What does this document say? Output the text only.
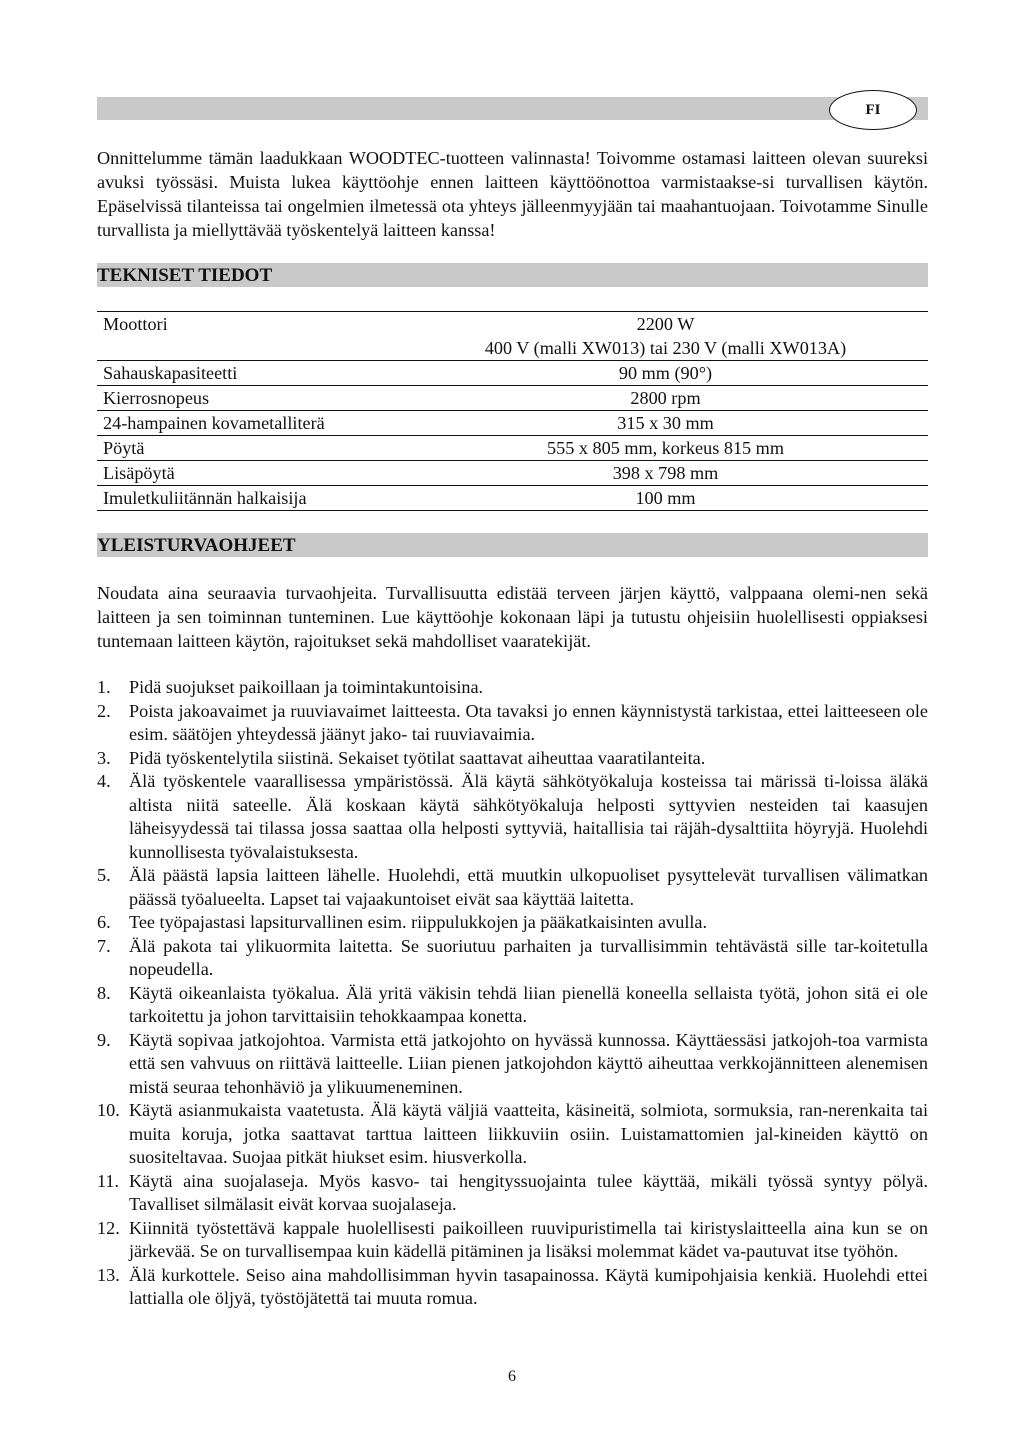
FI

Onnittelumme tämän laadukkaan WOODTEC-tuotteen valinnasta! Toivomme ostamasi laitteen olevan suureksi avuksi työssäsi. Muista lukea käyttöohje ennen laitteen käyttöönottoa varmistaakse-si turvallisen käytön. Epäselvissä tilanteissa tai ongelmien ilmetessä ota yhteys jälleenmyyjään tai maahantuojaan. Toivotamme Sinulle turvallista ja miellyttävää työskentelyä laitteen kanssa!

TEKNISET TIEDOT
Moottori	2200 W
400 V (malli XW013) tai 230 V (malli XW013A)
Sahauskapasiteetti	90 mm (90°)
Kierrosnopeus	2800 rpm
24-hampainen kovametalliterä	315 x 30 mm
Pöytä	555 x 805 mm, korkeus 815 mm
Lisäpöytä	398 x 798 mm
Imuletkuliitännän halkaisija	100 mm
YLEISTURVAOHJEET

Noudata aina seuraavia turvaohjeita. Turvallisuutta edistää terveen järjen käyttö, valppaana olemi-nen sekä laitteen ja sen toiminnan tunteminen. Lue käyttöohje kokonaan läpi ja tutustu ohjeisiin huolellisesti oppiaksesi tuntemaan laitteen käytön, rajoitukset sekä mahdolliset vaaratekijät.

1.	Pidä suojukset paikoillaan ja toimintakuntoisina.
2.	Poista jakoavaimet ja ruuviavaimet laitteesta. Ota tavaksi jo ennen käynnistystä tarkistaa, ettei laitteeseen ole esim. säätöjen yhteydessä jäänyt jako- tai ruuviavaimia.
3.	Pidä työskentelytila siistinä. Sekaiset työtilat saattavat aiheuttaa vaaratilanteita.
4.	Älä työskentele vaarallisessa ympäristössä. Älä käytä sähkötyökaluja kosteissa tai märissä ti-loissa äläkä altista niitä sateelle. Älä koskaan käytä sähkötyökaluja helposti syttyvien nesteiden tai kaasujen läheisyydessä tai tilassa jossa saattaa olla helposti syttyviä, haitallisia tai räjäh-dysalttiita höyryjä. Huolehdi kunnollisesta työvalaistuksesta.
5.	Älä päästä lapsia laitteen lähelle. Huolehdi, että muutkin ulkopuoliset pysyttelevät turvallisen välimatkan päässä työalueelta. Lapset tai vajaakuntoiset eivät saa käyttää laitetta.
6.	Tee työpajastasi lapsiturvallinen esim. riippulukkojen ja pääkatkaisinten avulla.
7.	Älä pakota tai ylikuormita laitetta. Se suoriutuu parhaiten ja turvallisimmin tehtävästä sille tar-koitetulla nopeudella.
8.	Käytä oikeanlaista työkalua. Älä yritä väkisin tehdä liian pienellä koneella sellaista työtä, johon sitä ei ole tarkoitettu ja johon tarvittaisiin tehokkaampaa konetta.
9.	Käytä sopivaa jatkojohtoa. Varmista että jatkojohto on hyvässä kunnossa. Käyttäessäsi jatkojoh-toa varmista että sen vahvuus on riittävä laitteelle. Liian pienen jatkojohdon käyttö aiheuttaa verkkojännitteen alenemisen mistä seuraa tehonhäviö ja ylikuumeneminen.
10. Käytä asianmukaista vaatetusta. Älä käytä väljiä vaatteita, käsineitä, solmiota, sormuksia, ran-nerenkaita tai muita koruja, jotka saattavat tarttua laitteen liikkuviin osiin. Luistamattomien jal-kineiden käyttö on suositeltavaa. Suojaa pitkät hiukset esim. hiusverkolla.
11. Käytä aina suojalaseja. Myös kasvo- tai hengityssuojainta tulee käyttää, mikäli työssä syntyy pölyä. Tavalliset silmälasit eivät korvaa suojalaseja.
12. Kiinnitä työstettävä kappale huolellisesti paikoilleen ruuvipuristimella tai kiristyslaitteella aina kun se on järkevää. Se on turvallisempaa kuin kädellä pitäminen ja lisäksi molemmat kädet va-pautuvat itse työhön.
13. Älä kurkottele. Seiso aina mahdollisimman hyvin tasapainossa. Käytä kumipohjaisia kenkiä. Huolehdi ettei lattialla ole öljyä, työstöjätettä tai muuta romua.
6
